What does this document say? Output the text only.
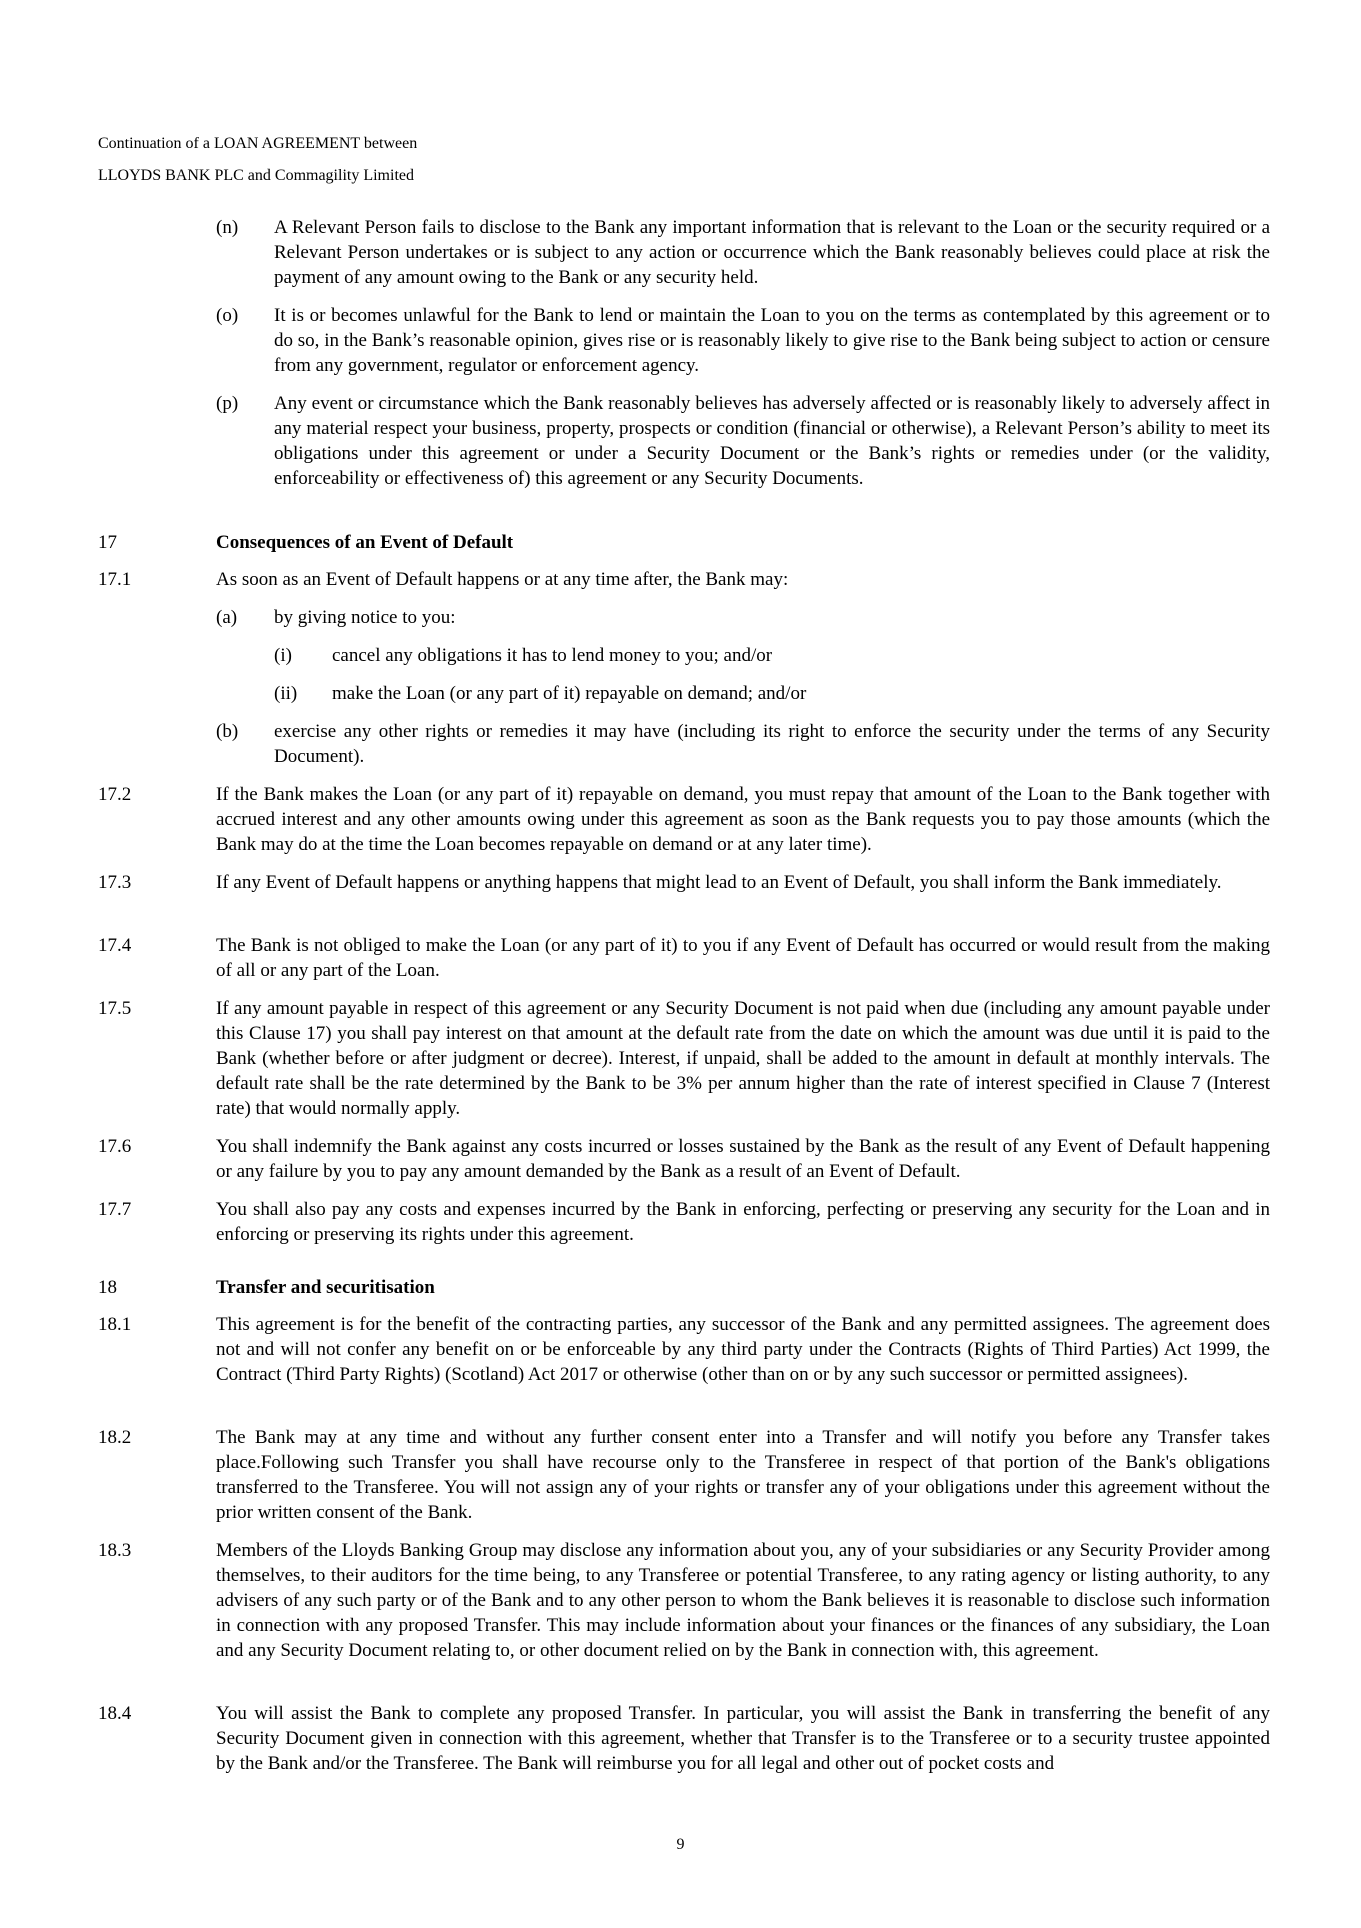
Continuation of a LOAN AGREEMENT between
LLOYDS BANK PLC and Commagility Limited
(n) A Relevant Person fails to disclose to the Bank any important information that is relevant to the Loan or the security required or a Relevant Person undertakes or is subject to any action or occurrence which the Bank reasonably believes could place at risk the payment of any amount owing to the Bank or any security held.
(o) It is or becomes unlawful for the Bank to lend or maintain the Loan to you on the terms as contemplated by this agreement or to do so, in the Bank’s reasonable opinion, gives rise or is reasonably likely to give rise to the Bank being subject to action or censure from any government, regulator or enforcement agency.
(p) Any event or circumstance which the Bank reasonably believes has adversely affected or is reasonably likely to adversely affect in any material respect your business, property, prospects or condition (financial or otherwise), a Relevant Person’s ability to meet its obligations under this agreement or under a Security Document or the Bank’s rights or remedies under (or the validity, enforceability or effectiveness of) this agreement or any Security Documents.
17	Consequences of an Event of Default
17.1	As soon as an Event of Default happens or at any time after, the Bank may:
(a) by giving notice to you:
(i) cancel any obligations it has to lend money to you; and/or
(ii) make the Loan (or any part of it) repayable on demand; and/or
(b) exercise any other rights or remedies it may have (including its right to enforce the security under the terms of any Security Document).
17.2	If the Bank makes the Loan (or any part of it) repayable on demand, you must repay that amount of the Loan to the Bank together with accrued interest and any other amounts owing under this agreement as soon as the Bank requests you to pay those amounts (which the Bank may do at the time the Loan becomes repayable on demand or at any later time).
17.3	If any Event of Default happens or anything happens that might lead to an Event of Default, you shall inform the Bank immediately.
17.4	The Bank is not obliged to make the Loan (or any part of it) to you if any Event of Default has occurred or would result from the making of all or any part of the Loan.
17.5	If any amount payable in respect of this agreement or any Security Document is not paid when due (including any amount payable under this Clause 17) you shall pay interest on that amount at the default rate from the date on which the amount was due until it is paid to the Bank (whether before or after judgment or decree). Interest, if unpaid, shall be added to the amount in default at monthly intervals. The default rate shall be the rate determined by the Bank to be 3% per annum higher than the rate of interest specified in Clause 7 (Interest rate) that would normally apply.
17.6	You shall indemnify the Bank against any costs incurred or losses sustained by the Bank as the result of any Event of Default happening or any failure by you to pay any amount demanded by the Bank as a result of an Event of Default.
17.7	You shall also pay any costs and expenses incurred by the Bank in enforcing, perfecting or preserving any security for the Loan and in enforcing or preserving its rights under this agreement.
18	Transfer and securitisation
18.1	This agreement is for the benefit of the contracting parties, any successor of the Bank and any permitted assignees. The agreement does not and will not confer any benefit on or be enforceable by any third party under the Contracts (Rights of Third Parties) Act 1999, the Contract (Third Party Rights) (Scotland) Act 2017 or otherwise (other than on or by any such successor or permitted assignees).
18.2	The Bank may at any time and without any further consent enter into a Transfer and will notify you before any Transfer takes place.Following such Transfer you shall have recourse only to the Transferee in respect of that portion of the Bank's obligations transferred to the Transferee. You will not assign any of your rights or transfer any of your obligations under this agreement without the prior written consent of the Bank.
18.3	Members of the Lloyds Banking Group may disclose any information about you, any of your subsidiaries or any Security Provider among themselves, to their auditors for the time being, to any Transferee or potential Transferee, to any rating agency or listing authority, to any advisers of any such party or of the Bank and to any other person to whom the Bank believes it is reasonable to disclose such information in connection with any proposed Transfer. This may include information about your finances or the finances of any subsidiary, the Loan and any Security Document relating to, or other document relied on by the Bank in connection with, this agreement.
18.4	You will assist the Bank to complete any proposed Transfer. In particular, you will assist the Bank in transferring the benefit of any Security Document given in connection with this agreement, whether that Transfer is to the Transferee or to a security trustee appointed by the Bank and/or the Transferee. The Bank will reimburse you for all legal and other out of pocket costs and
9
